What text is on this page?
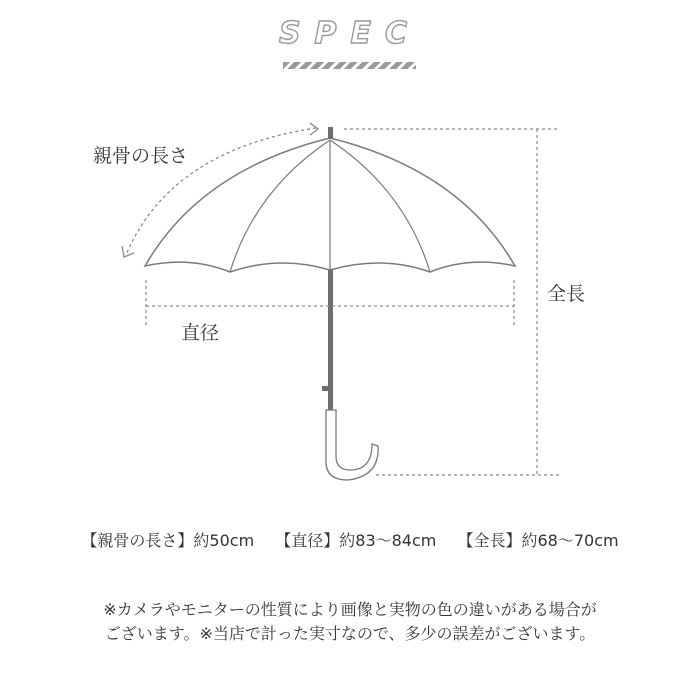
SPEC
親骨の長さ
直径
全長
【親骨の長さ】約50cm 【直径】約83～84cm 【全長】約68～70cm
※カメラやモニターの性質により画像と実物の色の違いがある場合が
ございます。※当店で計った実寸なので、多少の誤差がございます。
